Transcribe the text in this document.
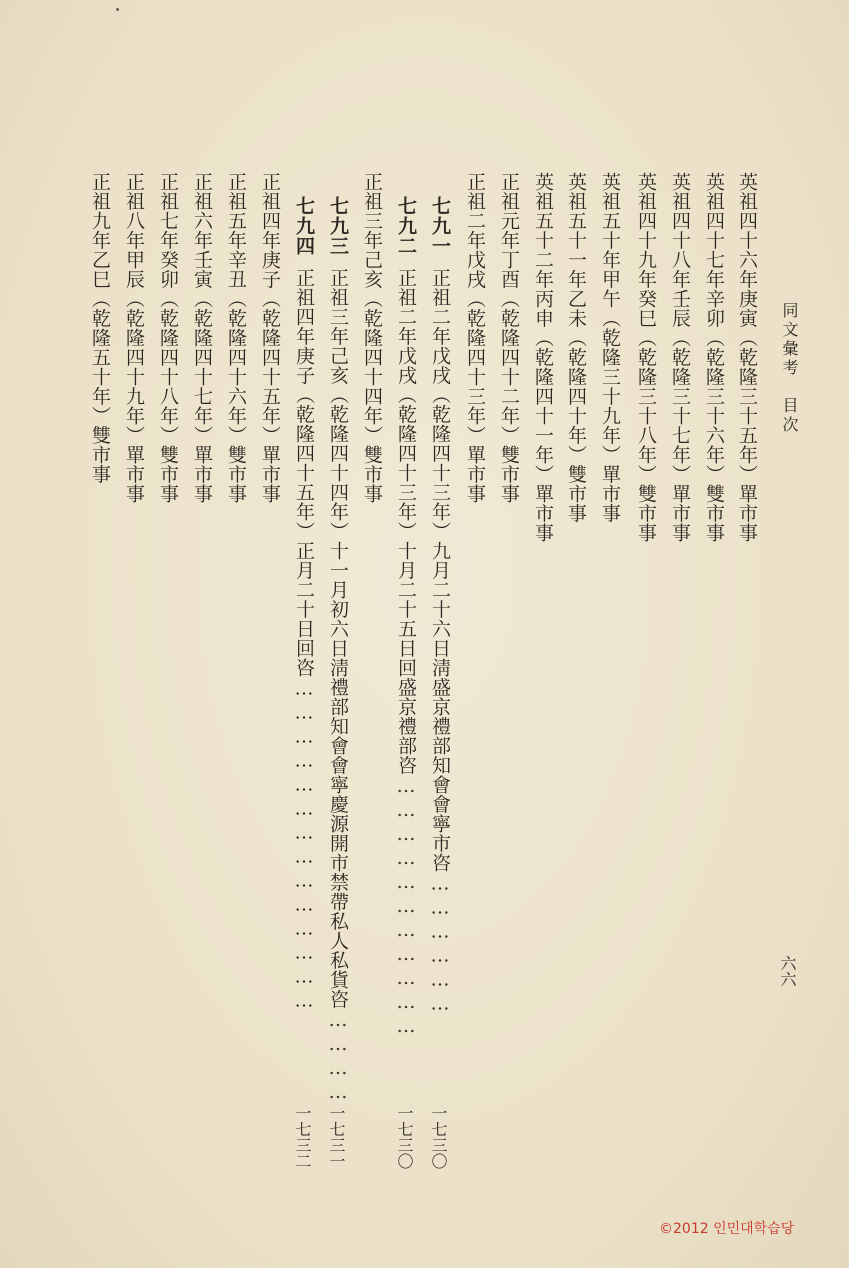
同文彙考　目次
六六
英祖四十六年庚寅（乾隆三十五年）單市事
英祖四十七年辛卯（乾隆三十六年）雙市事
英祖四十八年壬辰（乾隆三十七年）單市事
英祖四十九年癸巳（乾隆三十八年）雙市事
英祖五十年甲午（乾隆三十九年）單市事
英祖五十一年乙未（乾隆四十年）雙市事
英祖五十二年丙申（乾隆四十一年）單市事
正祖元年丁酉（乾隆四十二年）雙市事
正祖二年戊戌（乾隆四十三年）單市事
七九一正祖二年戊戌（乾隆四十三年）九月二十六日淸盛京禮部知會會寧市咨………………
一七三〇
七九二正祖二年戊戌（乾隆四十三年）十月二十五日回盛京禮部咨……………………………
一七三〇
正祖三年己亥（乾隆四十四年）雙市事
七九三正祖三年己亥（乾隆四十四年）十一月初六日淸禮部知會會寧慶源開市禁帶私人私貨咨…………
一七三一
七九四正祖四年庚子（乾隆四十五年）正月二十日回咨……………………………………
一七三二
正祖四年庚子（乾隆四十五年）單市事
正祖五年辛丑（乾隆四十六年）雙市事
正祖六年壬寅（乾隆四十七年）單市事
正祖七年癸卯（乾隆四十八年）雙市事
正祖八年甲辰（乾隆四十九年）單市事
正祖九年乙巳（乾隆五十年）雙市事
©2012 인민대학습당
